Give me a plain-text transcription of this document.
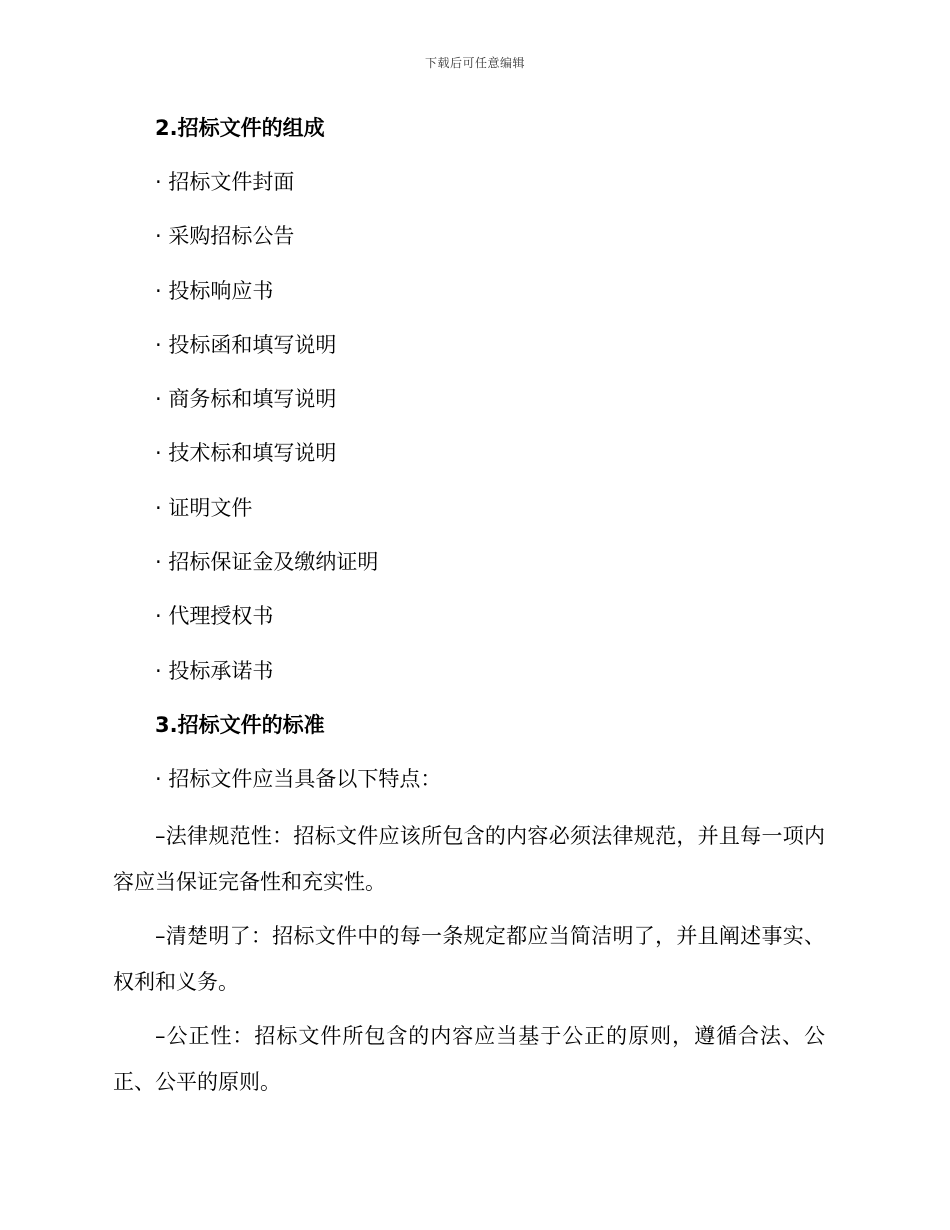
下载后可任意编辑
2.招标文件的组成
· 招标文件封面
· 采购招标公告
· 投标响应书
· 投标函和填写说明
· 商务标和填写说明
· 技术标和填写说明
· 证明文件
· 招标保证金及缴纳证明
· 代理授权书
· 投标承诺书
3.招标文件的标准
· 招标文件应当具备以下特点：

–法律规范性：招标文件应该所包含的内容必须法律规范，并且每一项内容应当保证完备性和充实性。

–清楚明了：招标文件中的每一条规定都应当简洁明了，并且阐述事实、权利和义务。

–公正性：招标文件所包含的内容应当基于公正的原则，遵循合法、公正、公平的原则。
